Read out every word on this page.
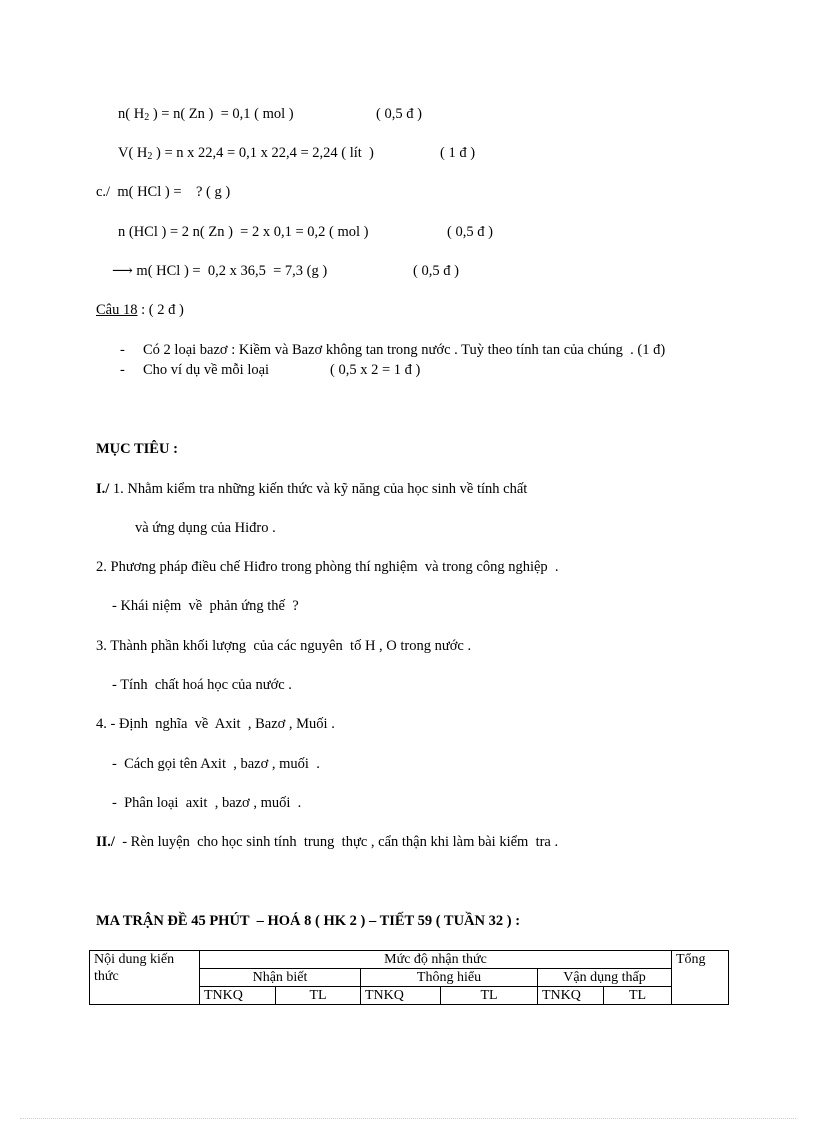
n( $H_2$ ) = n( Zn )  = 0,1 ( mol )	( 0,5 đ )
V( $H_2$ ) = n x 22,4 = 0,1 x 22,4 = 2,24 ( lít  )	( 1 đ )
c./  m( HCl ) =    ? ( g )
n (HCl ) = 2 n( Zn )  = 2 x 0,1 = 0,2 ( mol )	( 0,5 đ )
⟶ m( HCl ) =  0,2 x 36,5  = 7,3 (g )	( 0,5 đ )
Câu 18 : ( 2 đ )
- Có 2 loại bazơ : Kiềm và Bazơ không tan trong nước . Tuỳ theo tính tan của chúng  . (1 đ)
- Cho ví dụ về mỗi loại	( 0,5 x 2 = 1 đ )
MỤC TIÊU :
I./ 1. Nhằm kiểm tra những kiến thức và kỹ năng của học sinh về tính chất
và ứng dụng của Hiđro .
2. Phương pháp điều chế Hiđro trong phòng thí nghiệm  và trong công nghiệp  .
- Khái niệm  về  phản ứng thế  ?
3. Thành phần khối lượng  của các nguyên  tố H , O trong nước .
- Tính  chất hoá học của nước .
4. - Định  nghĩa  về  Axit  , Bazơ , Muối .
-  Cách gọi tên Axit  , bazơ , muối  .
-  Phân loại  axit  , bazơ , muối  .
II./  - Rèn luyện  cho học sinh tính  trung  thực , cẩn thận khi làm bài kiểm  tra .
MA TRẬN ĐỀ 45 PHÚT  – HOÁ 8 ( HK 2 ) – TIẾT 59 ( TUẦN 32 ) :
Nội dung kiến thức	Mức độ nhận thức						Tổng
	Nhận biết		Thông hiểu		Vận dụng thấp		
	TNKQ	TL	TNKQ	TL	TNKQ	TL	
